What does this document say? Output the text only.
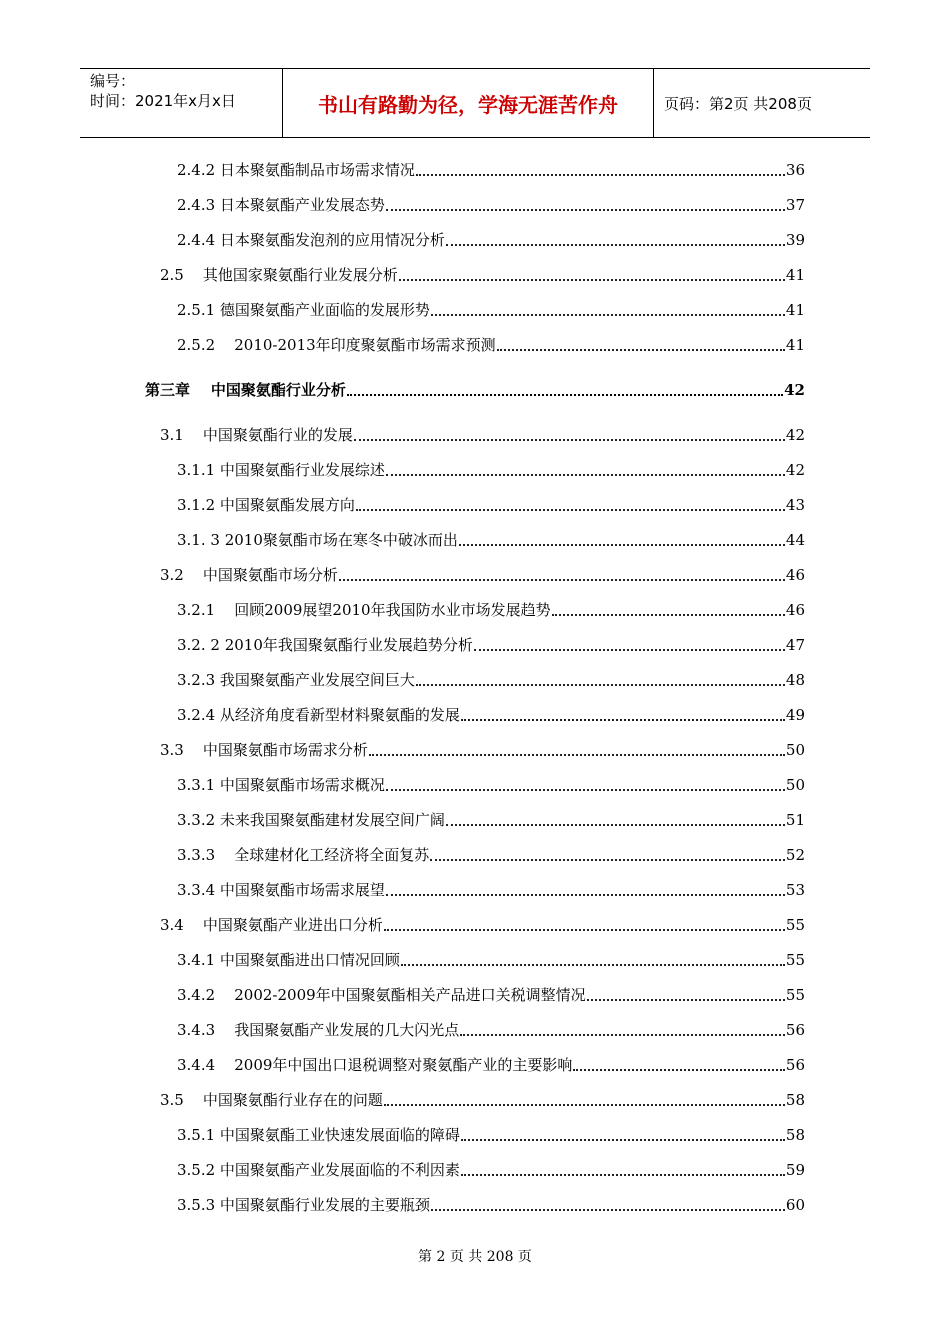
编号：
时间：2021年x月x日	书山有路勤为径，学海无涯苦作舟	页码：第2页 共208页
2.4.2 日本聚氨酯制品市场需求情况	36
2.4.3 日本聚氨酯产业发展态势	37
2.4.4 日本聚氨酯发泡剂的应用情况分析	39
2.5    其他国家聚氨酯行业发展分析	41
2.5.1 德国聚氨酯产业面临的发展形势	41
2.5.2    2010-2013年印度聚氨酯市场需求预测	41
第三章    中国聚氨酯行业分析	42
3.1    中国聚氨酯行业的发展	42
3.1.1 中国聚氨酯行业发展综述	42
3.1.2 中国聚氨酯发展方向	43
3.1. 3 2010聚氨酯市场在寒冬中破冰而出	44
3.2    中国聚氨酯市场分析	46
3.2.1    回顾2009展望2010年我国防水业市场发展趋势	46
3.2. 2 2010年我国聚氨酯行业发展趋势分析	47
3.2.3 我国聚氨酯产业发展空间巨大	48
3.2.4 从经济角度看新型材料聚氨酯的发展	49
3.3    中国聚氨酯市场需求分析	50
3.3.1 中国聚氨酯市场需求概况	50
3.3.2 未来我国聚氨酯建材发展空间广阔	51
3.3.3    全球建材化工经济将全面复苏	52
3.3.4 中国聚氨酯市场需求展望	53
3.4    中国聚氨酯产业进出口分析	55
3.4.1 中国聚氨酯进出口情况回顾	55
3.4.2    2002-2009年中国聚氨酯相关产品进口关税调整情况	55
3.4.3    我国聚氨酯产业发展的几大闪光点	56
3.4.4    2009年中国出口退税调整对聚氨酯产业的主要影响	56
3.5    中国聚氨酯行业存在的问题	58
3.5.1 中国聚氨酯工业快速发展面临的障碍	58
3.5.2 中国聚氨酯产业发展面临的不利因素	59
3.5.3 中国聚氨酯行业发展的主要瓶颈	60
第 2 页 共 208 页
